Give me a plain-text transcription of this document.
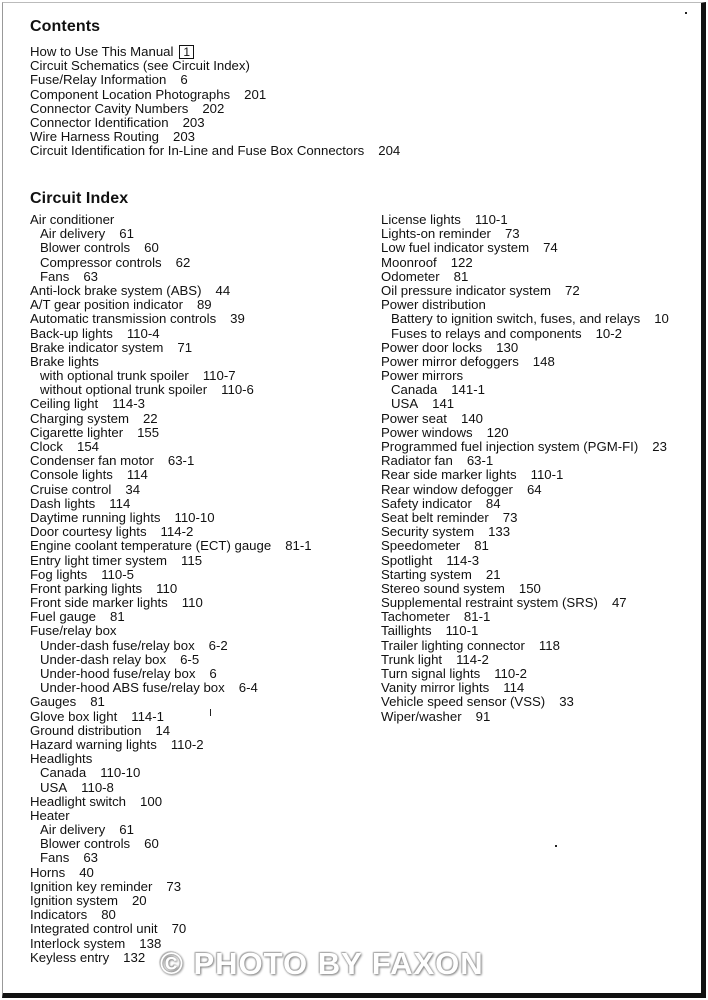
Contents
How to Use This Manual 1
Circuit Schematics (see Circuit Index)
Fuse/Relay Information 6
Component Location Photographs 201
Connector Cavity Numbers 202
Connector Identification 203
Wire Harness Routing 203
Circuit Identification for In-Line and Fuse Box Connectors 204
Circuit Index
Air conditioner
Air delivery 61
Blower controls 60
Compressor controls 62
Fans 63
Anti-lock brake system (ABS) 44
A/T gear position indicator 89
Automatic transmission controls 39
Back-up lights 110-4
Brake indicator system 71
Brake lights
with optional trunk spoiler 110-7
without optional trunk spoiler 110-6
Ceiling light 114-3
Charging system 22
Cigarette lighter 155
Clock 154
Condenser fan motor 63-1
Console lights 114
Cruise control 34
Dash lights 114
Daytime running lights 110-10
Door courtesy lights 114-2
Engine coolant temperature (ECT) gauge 81-1
Entry light timer system 115
Fog lights 110-5
Front parking lights 110
Front side marker lights 110
Fuel gauge 81
Fuse/relay box
Under-dash fuse/relay box 6-2
Under-dash relay box 6-5
Under-hood fuse/relay box 6
Under-hood ABS fuse/relay box 6-4
Gauges 81
Glove box light 114-1
Ground distribution 14
Hazard warning lights 110-2
Headlights
Canada 110-10
USA 110-8
Headlight switch 100
Heater
Air delivery 61
Blower controls 60
Fans 63
Horns 40
Ignition key reminder 73
Ignition system 20
Indicators 80
Integrated control unit 70
Interlock system 138
Keyless entry 132
License lights 110-1
Lights-on reminder 73
Low fuel indicator system 74
Moonroof 122
Odometer 81
Oil pressure indicator system 72
Power distribution
Battery to ignition switch, fuses, and relays 10
Fuses to relays and components 10-2
Power door locks 130
Power mirror defoggers 148
Power mirrors
Canada 141-1
USA 141
Power seat 140
Power windows 120
Programmed fuel injection system (PGM-FI) 23
Radiator fan 63-1
Rear side marker lights 110-1
Rear window defogger 64
Safety indicator 84
Seat belt reminder 73
Security system 133
Speedometer 81
Spotlight 114-3
Starting system 21
Stereo sound system 150
Supplemental restraint system (SRS) 47
Tachometer 81-1
Taillights 110-1
Trailer lighting connector 118
Trunk light 114-2
Turn signal lights 110-2
Vanity mirror lights 114
Vehicle speed sensor (VSS) 33
Wiper/washer 91
© PHOTO BY FAXON
